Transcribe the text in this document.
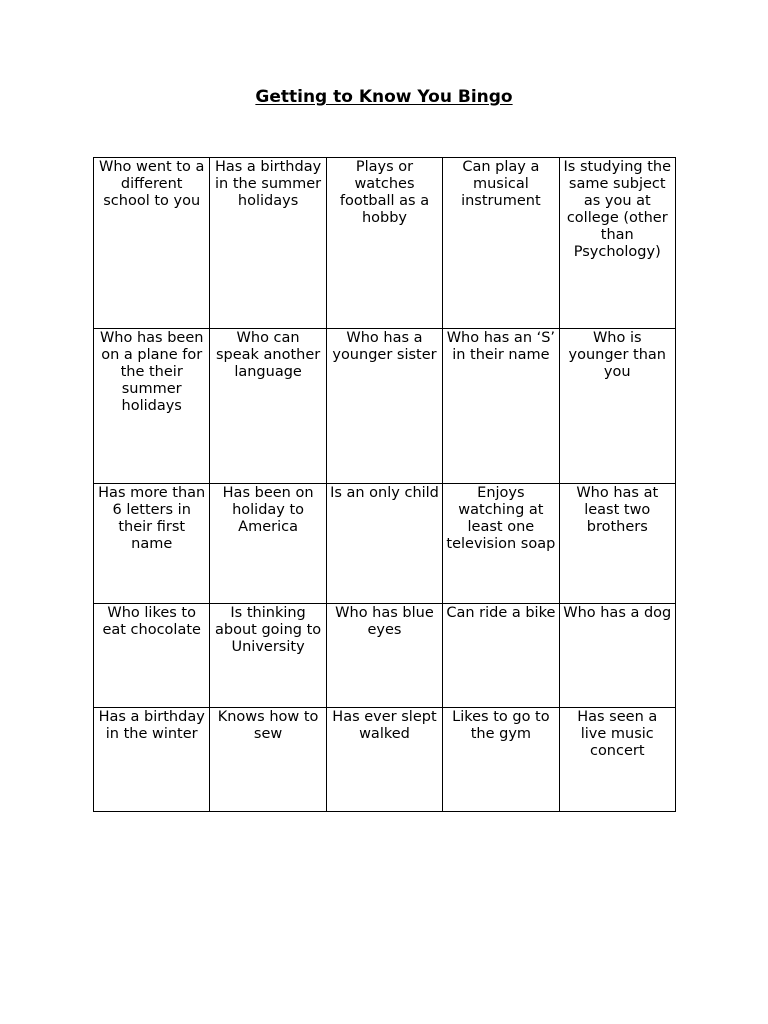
Getting to Know You Bingo
Who went to a different school to you	Has a birthday in the summer holidays	Plays or watches football as a hobby	Can play a musical instrument	Is studying the same subject as you at college (other than Psychology)
Who has been on a plane for the their summer holidays	Who can speak another language	Who has a younger sister	Who has an ‘S’ in their name	Who is younger than you
Has more than 6 letters in their first name	Has been on holiday to America	Is an only child	Enjoys watching at least one television soap	Who has at least two brothers
Who likes to eat chocolate	Is thinking about going to University	Who has blue eyes	Can ride a bike	Who has a dog
Has a birthday in the winter	Knows how to sew	Has ever slept walked	Likes to go to the gym	Has seen a live music concert
